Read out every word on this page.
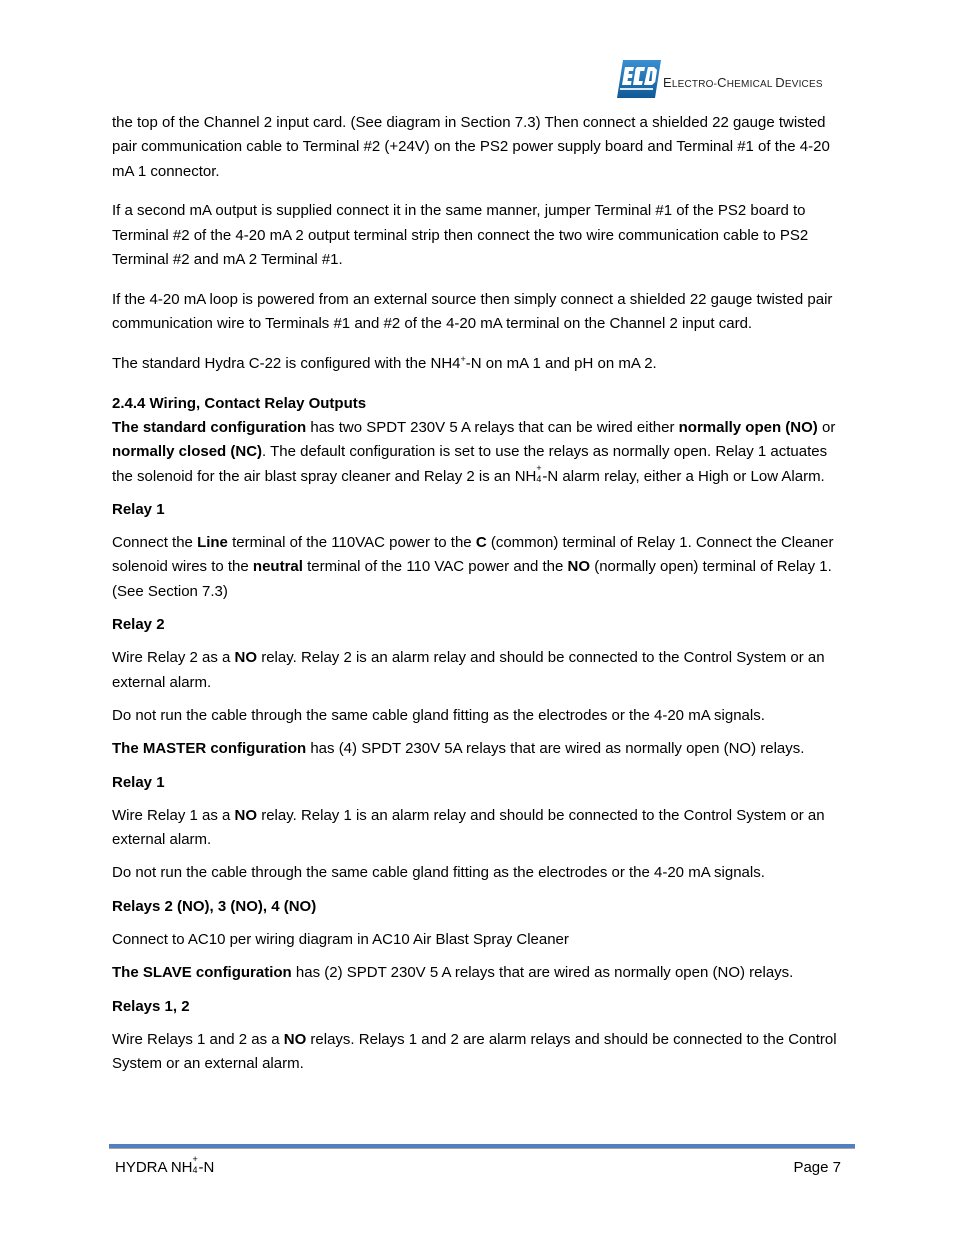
ELECTRO-CHEMICAL DEVICES

the top of the Channel 2 input card. (See diagram in Section 7.3) Then connect a shielded 22 gauge twisted pair communication cable to Terminal #2 (+24V) on the PS2 power supply board and Terminal #1 of the 4-20 mA 1 connector.

If a second mA output is supplied connect it in the same manner, jumper Terminal #1 of the PS2 board to Terminal #2 of the 4-20 mA 2 output terminal strip then connect the two wire communication cable to PS2 Terminal #2 and mA 2 Terminal #1.

If the 4-20 mA loop is powered from an external source then simply connect a shielded 22 gauge twisted pair communication wire to Terminals #1 and #2 of the 4-20 mA terminal on the Channel 2 input card.

The standard Hydra C-22 is configured with the NH4+-N on mA 1 and pH on mA 2.

2.4.4 Wiring, Contact Relay Outputs

The standard configuration has two SPDT 230V 5 A relays that can be wired either normally open (NO) or normally closed (NC). The default configuration is set to use the relays as normally open. Relay 1 actuates the solenoid for the air blast spray cleaner and Relay 2 is an NH +
4 -N alarm relay, either a High or Low Alarm.

Relay 1

Connect the Line terminal of the 110VAC power to the C (common) terminal of Relay 1. Connect the Cleaner solenoid wires to the neutral terminal of the 110 VAC power and the NO (normally open) terminal of Relay 1. (See Section 7.3)

Relay 2

Wire Relay 2 as a NO relay. Relay 2 is an alarm relay and should be connected to the Control System or an external alarm.

Do not run the cable through the same cable gland fitting as the electrodes or the 4-20 mA signals.

The MASTER configuration has (4) SPDT 230V 5A relays that are wired as normally open (NO) relays.

Relay 1

Wire Relay 1 as a NO relay. Relay 1 is an alarm relay and should be connected to the Control System or an external alarm.

Do not run the cable through the same cable gland fitting as the electrodes or the 4-20 mA signals.

Relays 2 (NO), 3 (NO), 4 (NO)

Connect to AC10 per wiring diagram in AC10 Air Blast Spray Cleaner

The SLAVE configuration has (2) SPDT 230V 5 A relays that are wired as normally open (NO) relays.

Relays 1, 2

Wire Relays 1 and 2 as a NO relays. Relays 1 and 2 are alarm relays and should be connected to the Control System or an external alarm.

HYDRA NH +
4 -N	Page 7
